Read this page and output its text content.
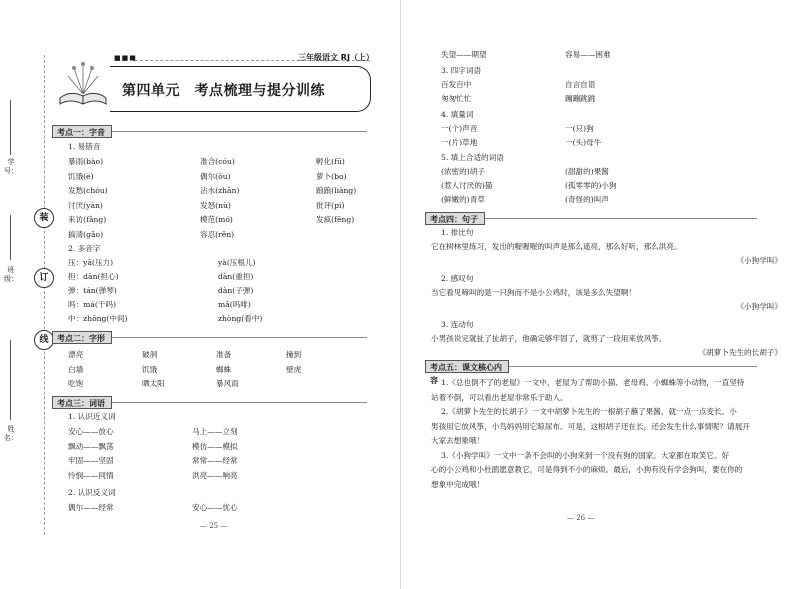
学号：
装
订
班级：
线
姓名：
■■■	三年级语文 RJ（上）
第四单元　考点梳理与提分训练
考点一：字音
1. 易错音
暴雨(bào)	准合(cóu)	孵化(fū)
饥饿(è)	偶尔(ǒu)	萝卜(bo)
发愁(chóu)	沾水(zhān)	踉踉(liàng)
讨厌(yàn)	发怒(nù)	批评(pí)
来访(fǎng)	模范(mó)	发疯(fēng)
搞清(gǎo)	容忍(rěn)
2. 多音字
压：yā(压力)	yà(压根儿)
担：dān(担心)	dàn(重担)
弹：tán(弹琴)	dàn(子弹)
吗：má(干吗)	mǎ(吗啡)
中：zhōng(中间)	zhòng(看中)
考点二：字形
漂亮	破洞	准备	撞到
白墙	饥饿	蜘蛛	壁虎
吃饱	晒太阳	暴风雨
考点三：词语
1. 认识近义词
安心——放心	马上——立刻
飘动——飘荡	模仿——模拟
牢固——坚固	常常——经常
怜悯——同情	洪亮——响亮
2. 认识反义词
偶尔——经常	安心——忧心
— 25 —
失望——期望	容易——困难
3. 四字词语
百发百中	自言自语
匆匆忙忙	蹦蹦跳跳
4. 填量词
一(个)声音	一(只)狗
一(片)草地	一(头)母牛
5. 填上合适的词语
(浓密的)胡子	(甜甜的)果酱
(惹人讨厌的)猫	(孤零零的)小狗
(鲜嫩的)青草	(奇怪的)叫声
考点四：句子
1. 排比句
它在树林里练习，发出的喔喔喔的叫声是那么遥亮，那么好听，那么洪亮。
《小狗学叫》
2. 感叹句
当它看见啼叫的是一只狗而不是小公鸡时，该是多么失望啊！
《小狗学叫》
3. 连动句
小男孩说完就扯了扯胡子，他确定够牢固了，就剪了一段用来放风筝。
《胡萝卜先生的长胡子》
考点五：课文核心内容 1.《总也倒不了的老屋》一文中，老屋为了帮助小猫、老母鸡、小蜘蛛等小动物，一直坚持
站着不倒，可以看出老屋非常乐于助人。
2.《胡萝卜先生的长胡子》一文中胡萝卜先生的一根胡子蘸了果酱，就一点一点变长。小
男孩用它放风筝，小鸟妈妈用它晾尿布。可是，这根胡子还在长，还会发生什么事情呢？请展开
大家去想象哦！
3.《小狗学叫》一文中一条不会叫的小狗来到一个没有狗的国家。大家都在取笑它。好
心的小公鸡和小杜鹃愿意教它，可是得到不小的麻烦。最后，小狗有没有学会狗叫，要在你的
想象中完成哦！
— 26 —
